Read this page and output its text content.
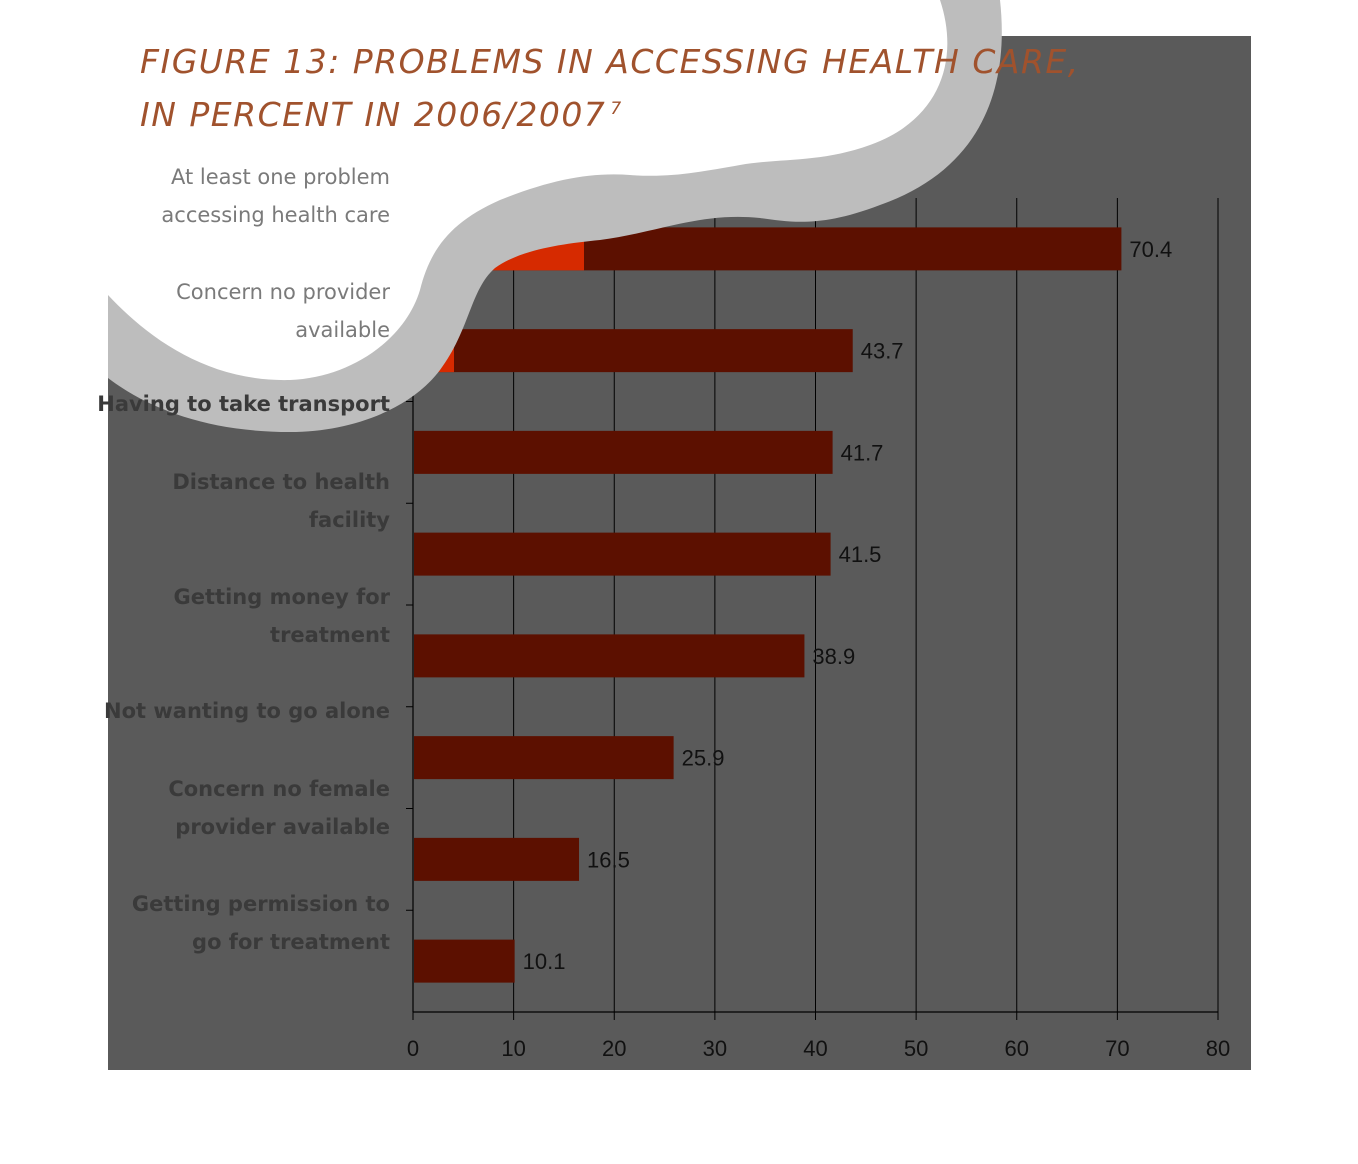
70.4
43.7
41.7
41.5
38.9
25.9
16.5
10.1
0	10	20	30	40	50	60	70	80
FIGURE 13: PROBLEMS IN ACCESSING HEALTH CARE,
IN PERCENT IN 2006/2007 $^7$
At least one problem
accessing health care
Concern no provider
available
Having to take transport
Distance to health
facility
Getting money for
treatment
Not wanting to go alone
Concern no female
provider available
Getting permission to
go for treatment
